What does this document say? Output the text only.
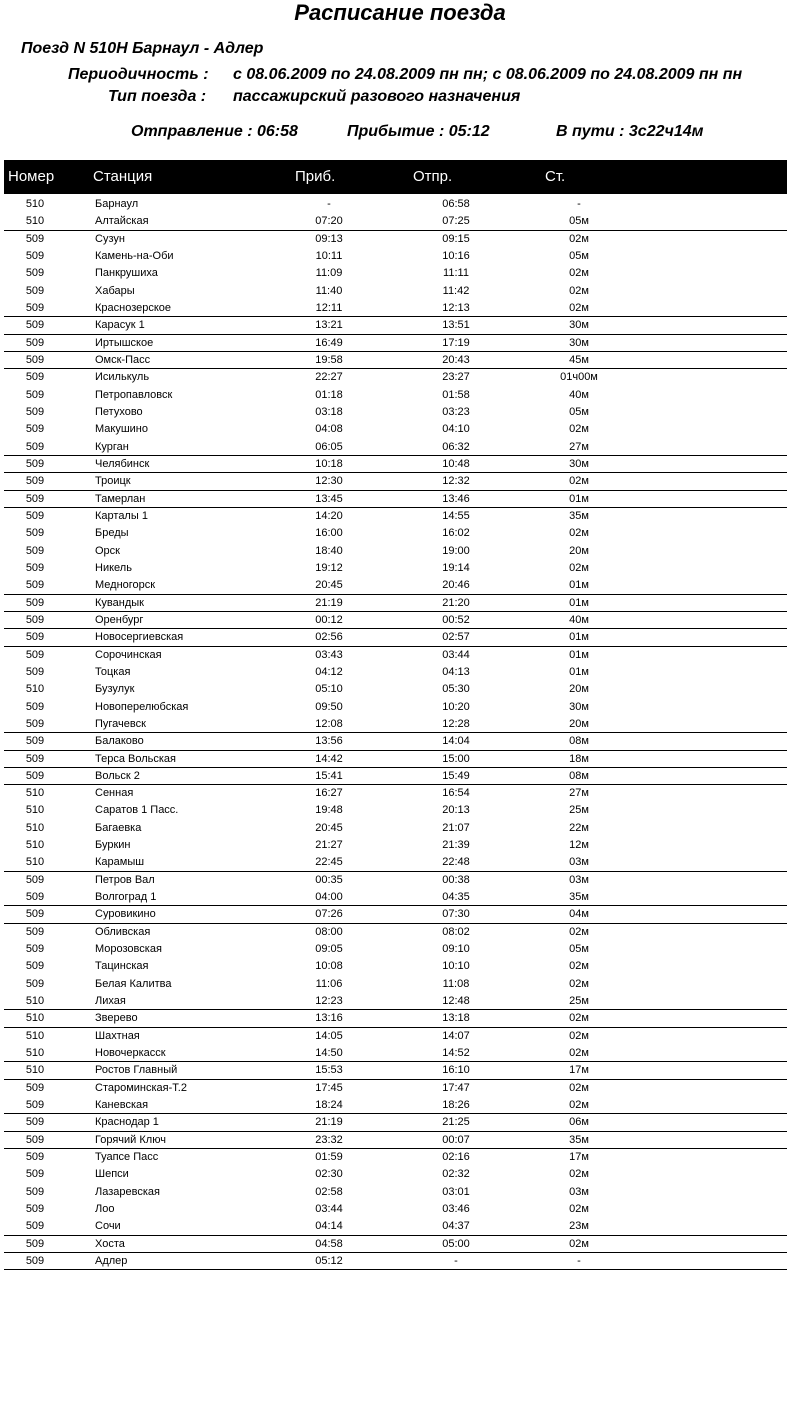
Расписание поезда
Поезд N 510Н Барнаул - Адлер
Периодичность : с 08.06.2009 по 24.08.2009 пн пн; с 08.06.2009 по 24.08.2009 пн пн
Тип поезда : пассажирский разового назначения
Отправление : 06:58	Прибытие : 05:12	В пути : 3с22ч14м
Номер	Станция	Приб.	Отпр.	Ст.
510	Барнаул	-	06:58	-
510	Алтайская	07:20	07:25	05м
509	Сузун	09:13	09:15	02м
509	Камень-на-Оби	10:11	10:16	05м
509	Панкрушиха	11:09	11:11	02м
509	Хабары	11:40	11:42	02м
509	Краснозерское	12:11	12:13	02м
509	Карасук 1	13:21	13:51	30м
509	Иртышское	16:49	17:19	30м
509	Омск-Пасс	19:58	20:43	45м
509	Исилькуль	22:27	23:27	01ч00м
509	Петропавловск	01:18	01:58	40м
509	Петухово	03:18	03:23	05м
509	Макушино	04:08	04:10	02м
509	Курган	06:05	06:32	27м
509	Челябинск	10:18	10:48	30м
509	Троицк	12:30	12:32	02м
509	Тамерлан	13:45	13:46	01м
509	Карталы 1	14:20	14:55	35м
509	Бреды	16:00	16:02	02м
509	Орск	18:40	19:00	20м
509	Никель	19:12	19:14	02м
509	Медногорск	20:45	20:46	01м
509	Кувандык	21:19	21:20	01м
509	Оренбург	00:12	00:52	40м
509	Новосергиевская	02:56	02:57	01м
509	Сорочинская	03:43	03:44	01м
509	Тоцкая	04:12	04:13	01м
510	Бузулук	05:10	05:30	20м
509	Новоперелюбская	09:50	10:20	30м
509	Пугачевск	12:08	12:28	20м
509	Балаково	13:56	14:04	08м
509	Терса Вольская	14:42	15:00	18м
509	Вольск 2	15:41	15:49	08м
510	Сенная	16:27	16:54	27м
510	Саратов 1 Пасс.	19:48	20:13	25м
510	Багаевка	20:45	21:07	22м
510	Буркин	21:27	21:39	12м
510	Карамыш	22:45	22:48	03м
509	Петров Вал	00:35	00:38	03м
509	Волгоград 1	04:00	04:35	35м
509	Суровикино	07:26	07:30	04м
509	Обливская	08:00	08:02	02м
509	Морозовская	09:05	09:10	05м
509	Тацинская	10:08	10:10	02м
509	Белая Калитва	11:06	11:08	02м
510	Лихая	12:23	12:48	25м
510	Зверево	13:16	13:18	02м
510	Шахтная	14:05	14:07	02м
510	Новочеркасск	14:50	14:52	02м
510	Ростов Главный	15:53	16:10	17м
509	Староминская-Т.2	17:45	17:47	02м
509	Каневская	18:24	18:26	02м
509	Краснодар 1	21:19	21:25	06м
509	Горячий Ключ	23:32	00:07	35м
509	Туапсе Пасс	01:59	02:16	17м
509	Шепси	02:30	02:32	02м
509	Лазаревская	02:58	03:01	03м
509	Лоо	03:44	03:46	02м
509	Сочи	04:14	04:37	23м
509	Хоста	04:58	05:00	02м
509	Адлер	05:12	-	-
